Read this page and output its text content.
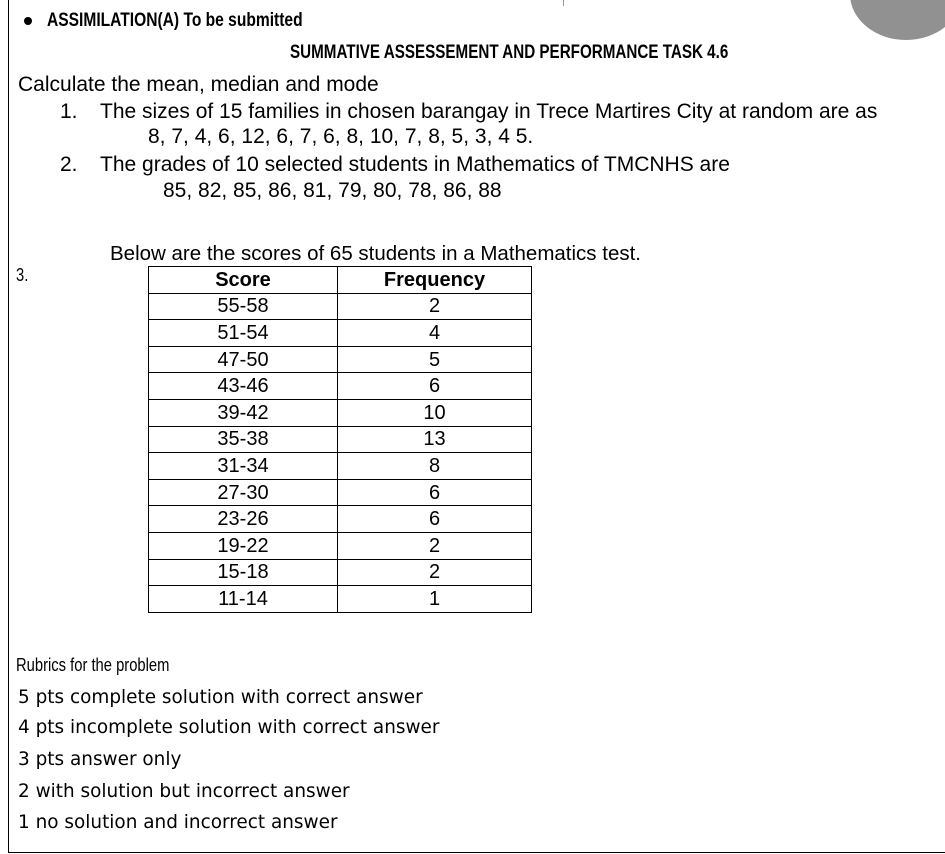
ASSIMILATION(A) To be submitted
SUMMATIVE ASSESSEMENT AND PERFORMANCE TASK 4.6
Calculate the mean, median and mode
1. The sizes of 15 families in chosen barangay in Trece Martires City at random are as
8, 7, 4, 6, 12, 6, 7, 6, 8, 10, 7, 8, 5, 3, 4 5.
2. The grades of 10 selected students in Mathematics of TMCNHS are
85, 82, 85, 86, 81, 79, 80, 78, 86, 88
3.
Below are the scores of 65 students in a Mathematics test.
Score	Frequency
55-58	2
51-54	4
47-50	5
43-46	6
39-42	10
35-38	13
31-34	8
27-30	6
23-26	6
19-22	2
15-18	2
11-14	1
Rubrics for the problem
5 pts complete solution with correct answer
4 pts incomplete solution with correct answer
3 pts answer only
2 with solution but incorrect answer
1 no solution and incorrect answer
